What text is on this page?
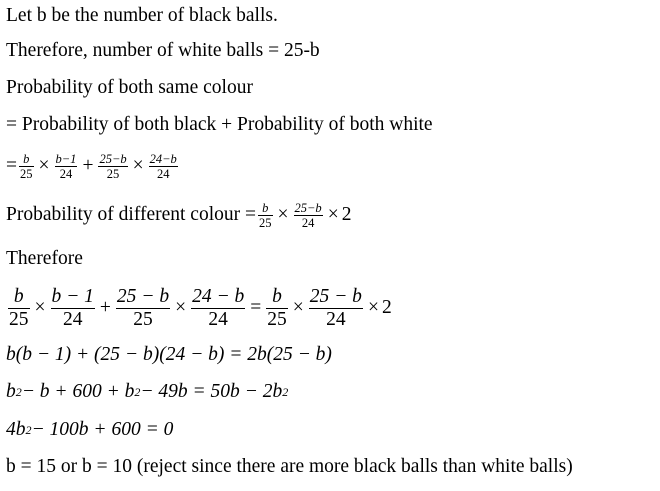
Let b be the number of black balls.
Therefore, number of white balls = 25-b
Probability of both same colour
= Probability of both black + Probability of both white
= $\frac{b}{25} \times \frac{b-1}{24} + \frac{25-b}{25} \times \frac{24-b}{24}$
Probability of different colour = $\frac{b}{25} \times \frac{25-b}{24} \times 2$
Therefore
$\frac{b}{25} \times \frac{b - 1}{24} + \frac{25 - b}{25} \times \frac{24 - b}{24} = \frac{b}{25} \times \frac{25 - b}{24} \times 2$
b(b − 1) + (25 − b)(24 − b) = 2b(25 − b)
b 2 − b + 600 + b 2 − 49b = 50b − 2b 2
4b 2 − 100b + 600 = 0
b = 15 or b = 10 (reject since there are more black balls than white balls)
